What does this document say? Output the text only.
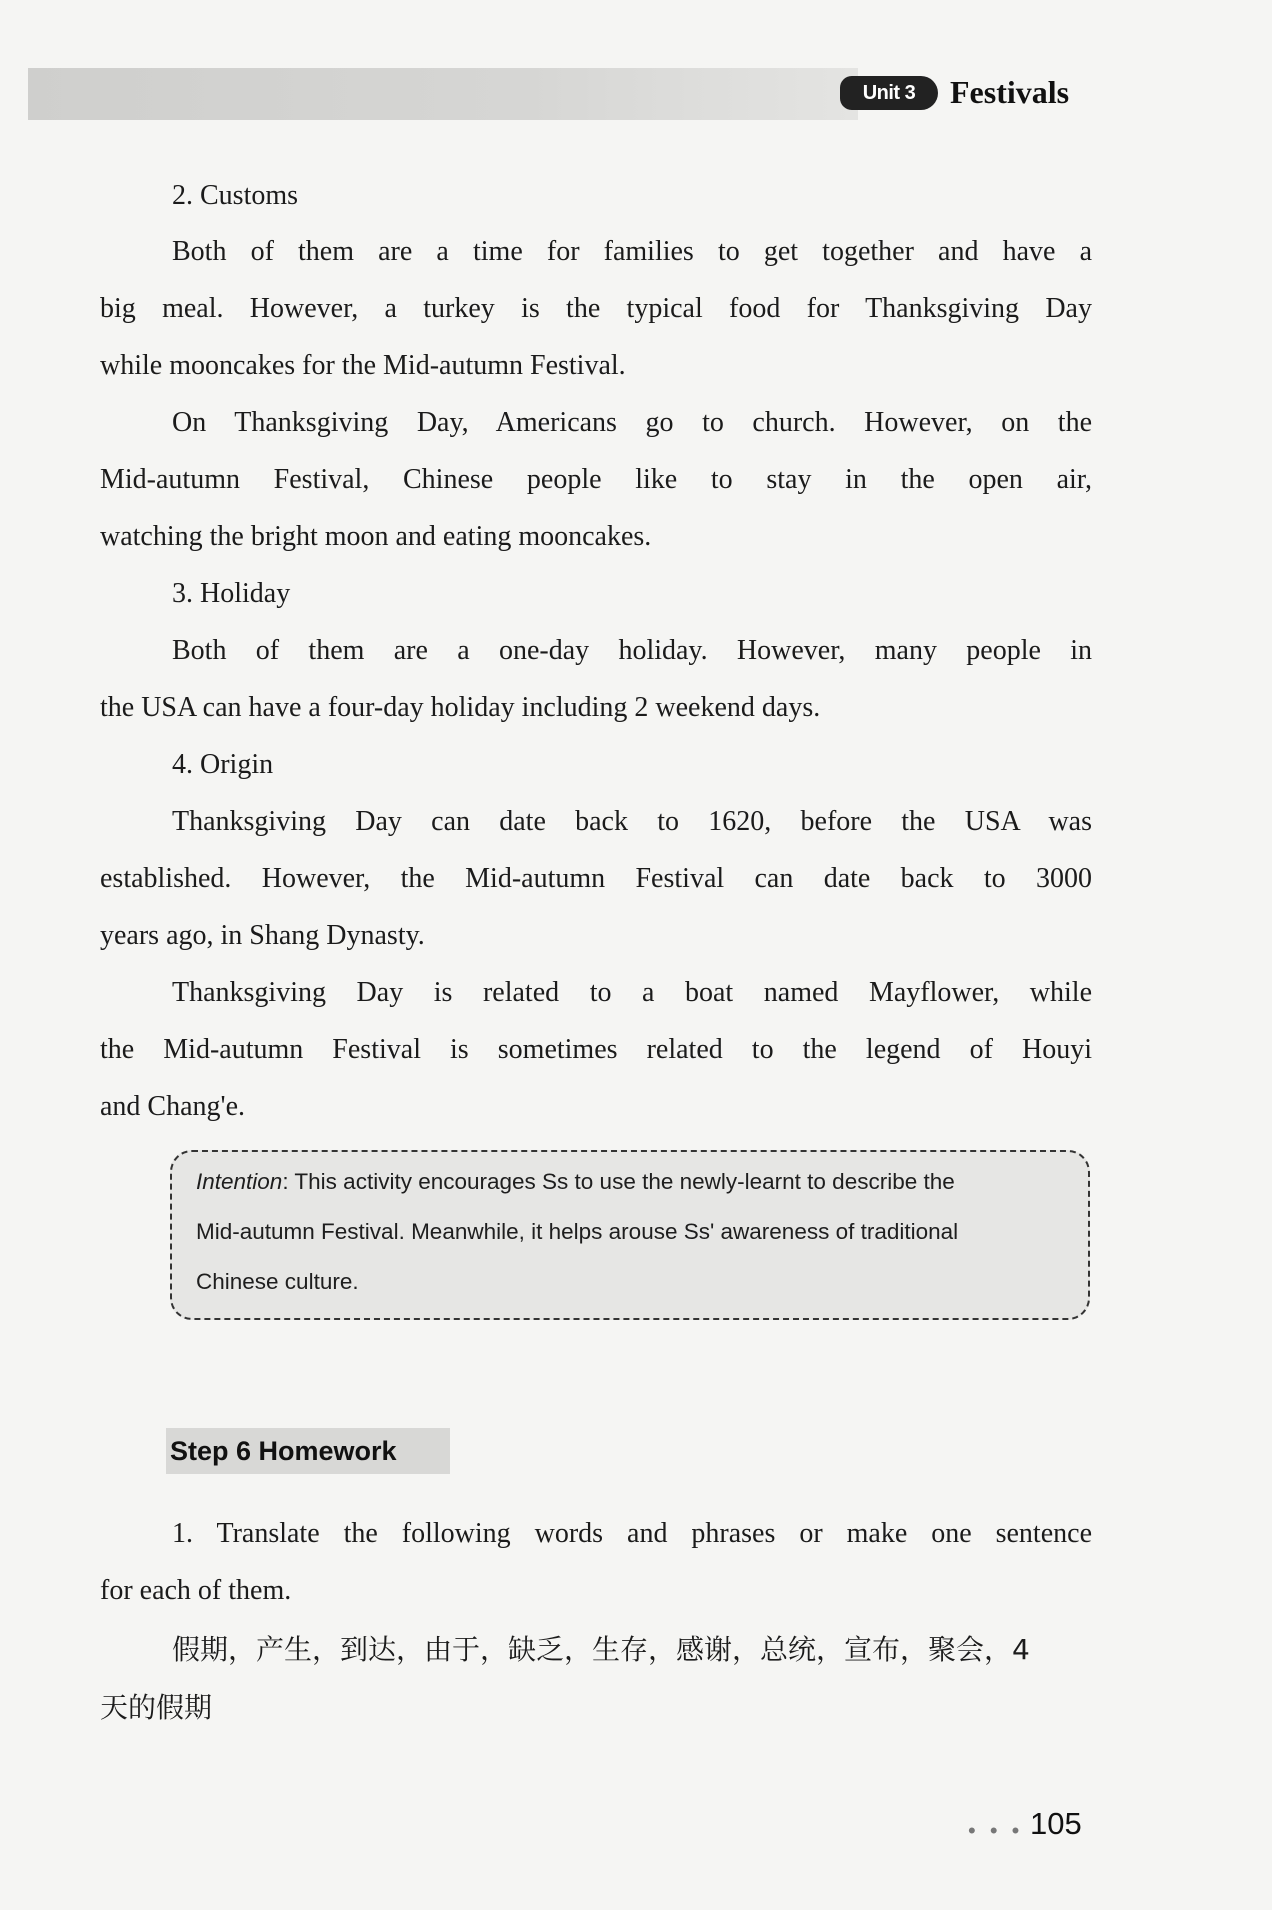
Unit 3	Festivals
2. Customs
Both of them are a time for families to get together and have a
big meal. However, a turkey is the typical food for Thanksgiving Day
while mooncakes for the Mid-autumn Festival.
On Thanksgiving Day, Americans go to church. However, on the
Mid-autumn Festival, Chinese people like to stay in the open air,
watching the bright moon and eating mooncakes.
3. Holiday
Both of them are a one-day holiday. However, many people in
the USA can have a four-day holiday including 2 weekend days.
4. Origin
Thanksgiving Day can date back to 1620, before the USA was
established. However, the Mid-autumn Festival can date back to 3000
years ago, in Shang Dynasty.
Thanksgiving Day is related to a boat named Mayflower, while
the Mid-autumn Festival is sometimes related to the legend of Houyi
and Chang'e.
Intention: This activity encourages Ss to use the newly-learnt to describe the
Mid-autumn Festival. Meanwhile, it helps arouse Ss' awareness of traditional
Chinese culture.
Step 6 Homework
1. Translate the following words and phrases or make one sentence
for each of them.
假期，产生，到达，由于，缺乏，生存，感谢，总统，宣布，聚会，4
天的假期
• • • 105
